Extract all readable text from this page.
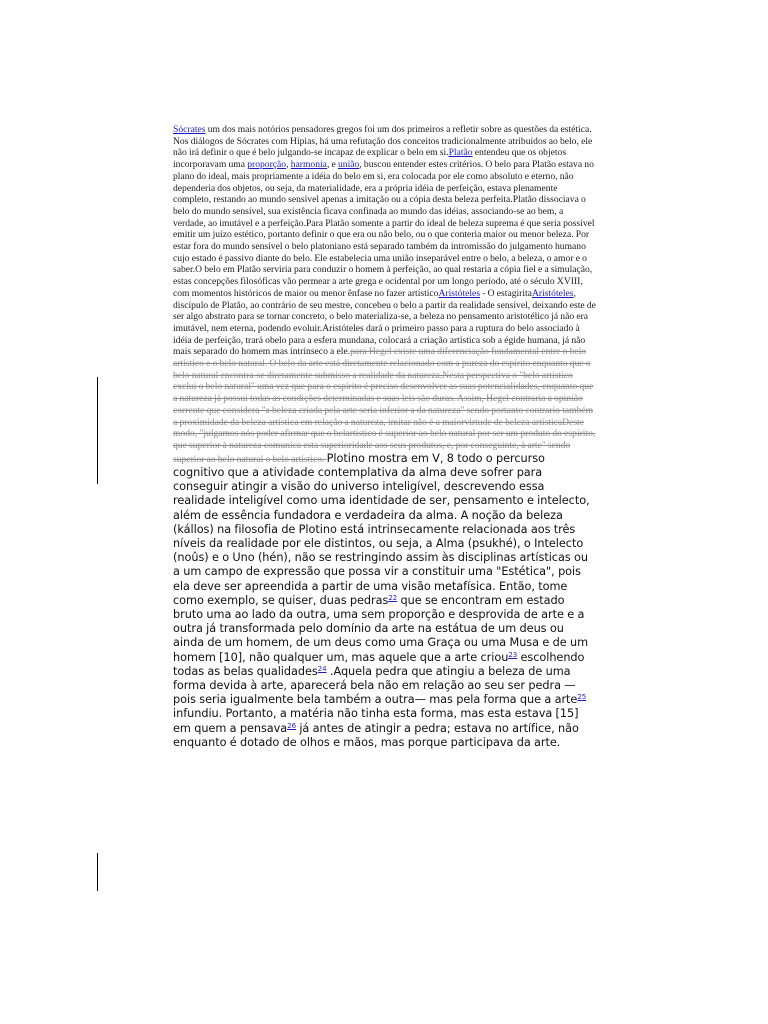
Sócrates um dos mais notórios pensadores gregos foi um dos primeiros a refletir sobre as questões da estética. Nos diálogos de Sócrates com Hípias, há uma refutação dos conceitos tradicionalmente atribuídos ao belo, ele não irá definir o que é belo julgando-se incapaz de explicar o belo em si.Platão entendeu que os objetos incorporavam uma proporção, harmonia, e união, buscou entender estes critérios. O belo para Platão estava no plano do ideal, mais propriamente a idéia do belo em si, era colocada por ele como absoluto e eterno, não dependeria dos objetos, ou seja, da materialidade, era a própria idéia de perfeição, estava plenamente completo, restando ao mundo sensível apenas a imitação ou a cópia desta beleza perfeita.Platão dissociava o belo do mundo sensível, sua existência ficava confinada ao mundo das idéias, associando-se ao bem, a verdade, ao imutável e a perfeição.Para Platão somente a partir do ideal de beleza suprema é que seria possível emitir um juízo estético, portanto definir o que era ou não belo, ou o que conteria maior ou menor beleza. Por estar fora do mundo sensível o belo platoniano está separado também da intromissão do julgamento humano cujo estado é passivo diante do belo. Ele estabelecia uma união inseparável entre o belo, a beleza, o amor e o saber.O belo em Platão serviria para conduzir o homem à perfeição, ao qual restaria a cópia fiel e a simulação, estas concepções filosóficas vão permear a arte grega e ocidental por um longo período, até o século XVIII, com momentos históricos de maior ou menor ênfase no fazer artísticoAristóteles - O estagiritaAristóteles, discípulo de Platão, ao contrário de seu mestre, concebeu o belo a partir da realidade sensível, deixando este de ser algo abstrato para se tornar concreto, o belo materializa-se, a beleza no pensamento aristotélico já não era imutável, nem eterna, podendo evoluir.Aristóteles dará o primeiro passo para a ruptura do belo associado à idéia de perfeição, trará obelo para a esfera mundana, colocará a criação artística sob a égide humana, já não mais separado do homem mas intrínseco a ele.para Hegel existe uma diferenciação fundamental entre o belo artístico e o belo natural. O belo da arte está diretamente relacionado com a pureza do espírito enquanto que o belo natural encontra-se diretamente submisso a realidade da natureza.Nesta perspectiva o "belo artístico exclui o belo natural" uma vez que para o espírito é preciso desenvolver as suas potencialidades, enquanto que a natureza já possui todas as condições determinadas e suas leis são duras. Assim, Hegel contraria a opinião corrente que considera "a beleza criada pela arte seria inferior a da natureza" sendo portanto contrario também a proximidade da beleza artística em relação a natureza, imitar não é a maiorvirtude de beleza artísticaDeste modo, "julgamos nós poder afirmar que o belartístico é superior ao belo natural por ser um produto do espírito, que superior à natureza comunica esta superioridade aos seus produtos, e, por conseguinte, à arte" sendo superior ao belo natural o belo artístico. Plotino mostra em V, 8 todo o percurso cognitivo que a atividade contemplativa da alma deve sofrer para conseguir atingir a visão do universo inteligível, descrevendo essa realidade inteligível como uma identidade de ser, pensamento e intelecto, além de essência fundadora e verdadeira da alma. A noção da beleza (kállos) na filosofia de Plotino está intrinsecamente relacionada aos três níveis da realidade por ele distintos, ou seja, a Alma (psukhé), o Intelecto (noûs) e o Uno (hén), não se restringindo assim às disciplinas artísticas ou a um campo de expressão que possa vir a constituir uma "Estética", pois ela deve ser apreendida a partir de uma visão metafísica. Então, tome como exemplo, se quiser, duas pedras$^{22}$ que se encontram em estado bruto uma ao lado da outra, uma sem proporção e desprovida de arte e a outra já transformada pelo domínio da arte na estátua de um deus ou ainda de um homem, de um deus como uma Graça ou uma Musa e de um homem [10], não qualquer um, mas aquele que a arte criou$^{23}$ escolhendo todas as belas qualidades$^{24}$ .Aquela pedra que atingiu a beleza de uma forma devida à arte, aparecerá bela não em relação ao seu ser pedra —pois seria igualmente bela também a outra— mas pela forma que a arte$^{25}$ infundiu. Portanto, a matéria não tinha esta forma, mas esta estava [15] em quem a pensava$^{26}$ já antes de atingir a pedra; estava no artífice, não enquanto é dotado de olhos e mãos, mas porque participava da arte.
